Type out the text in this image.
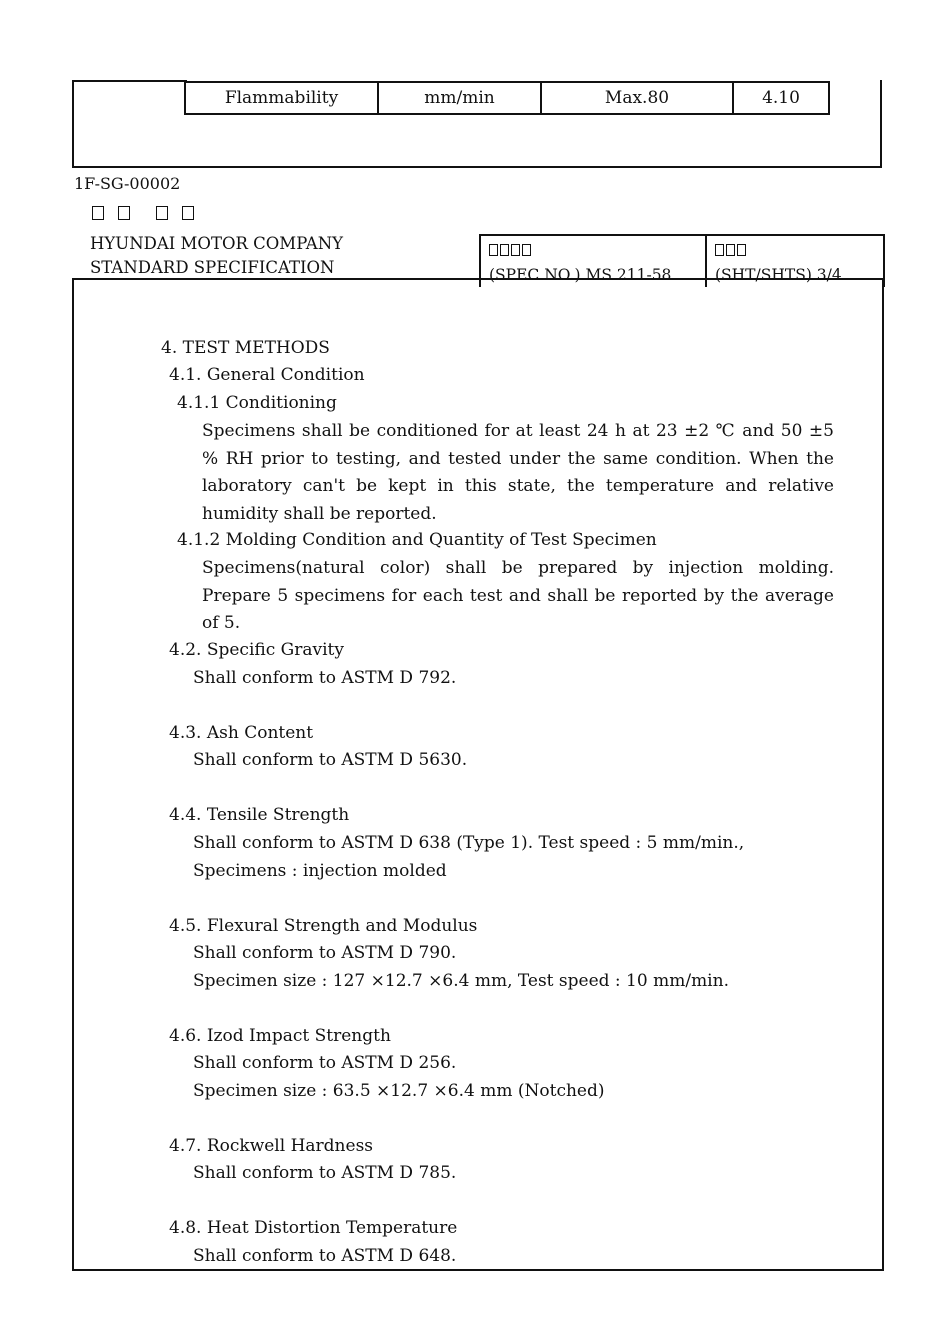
Flammability	mm/min	Max.80	4.10
1F-SG-00002
HYUNDAI MOTOR COMPANY
STANDARD SPECIFICATION	(SPEC NO.) MS 211-58	(SHT/SHTS) 3/4
4. TEST METHODS
4.1. General Condition
4.1.1 Conditioning
Specimens shall be conditioned for at least 24 h at 23 ±2 ℃ and 50 ±5 % RH prior to testing, and tested under the same condition. When the laboratory can't be kept in this state, the temperature and relative humidity shall be reported.
4.1.2 Molding Condition and Quantity of Test Specimen
Specimens(natural color) shall be prepared by injection molding. Prepare 5 specimens for each test and shall be reported by the average of 5.
4.2. Specific Gravity
Shall conform to ASTM D 792.
4.3. Ash Content
Shall conform to ASTM D 5630.
4.4. Tensile Strength
Shall conform to ASTM D 638 (Type 1). Test speed : 5 mm/min.,
Specimens : injection molded
4.5. Flexural Strength and Modulus
Shall conform to ASTM D 790.
Specimen size : 127 ×12.7 ×6.4 mm, Test speed : 10 mm/min.
4.6. Izod Impact Strength
Shall conform to ASTM D 256.
Specimen size : 63.5 ×12.7 ×6.4 mm (Notched)
4.7. Rockwell Hardness
Shall conform to ASTM D 785.
4.8. Heat Distortion Temperature
Shall conform to ASTM D 648.
